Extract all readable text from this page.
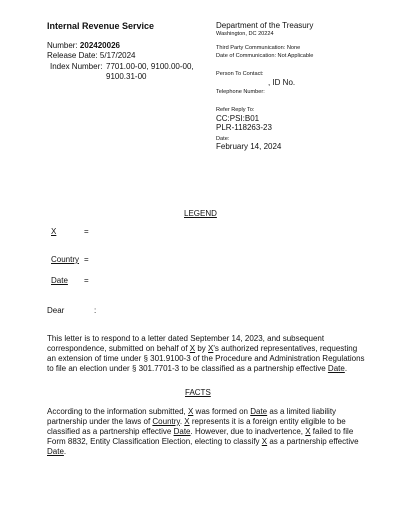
Internal Revenue Service
Number: 202420026
Release Date: 5/17/2024
Index Number: 7701.00-00, 9100.00-00,
9100.31-00
Department of the Treasury
Washington, DC 20224
Third Party Communication: None
Date of Communication: Not Applicable
Person To Contact:
, ID No.
Telephone Number:
Refer Reply To:
CC:PSI:B01
PLR-118263-23
Date:
February 14, 2024
LEGEND
X	=
Country =
Date =
Dear	:
This letter is to respond to a letter dated September 14, 2023, and subsequent correspondence, submitted on behalf of X by X's authorized representatives, requesting an extension of time under § 301.9100-3 of the Procedure and Administration Regulations to file an election under § 301.7701-3 to be classified as a partnership effective Date.
FACTS
According to the information submitted, X was formed on Date as a limited liability partnership under the laws of Country. X represents it is a foreign entity eligible to be classified as a partnership effective Date. However, due to inadvertence, X failed to file Form 8832, Entity Classification Election, electing to classify X as a partnership effective Date.
